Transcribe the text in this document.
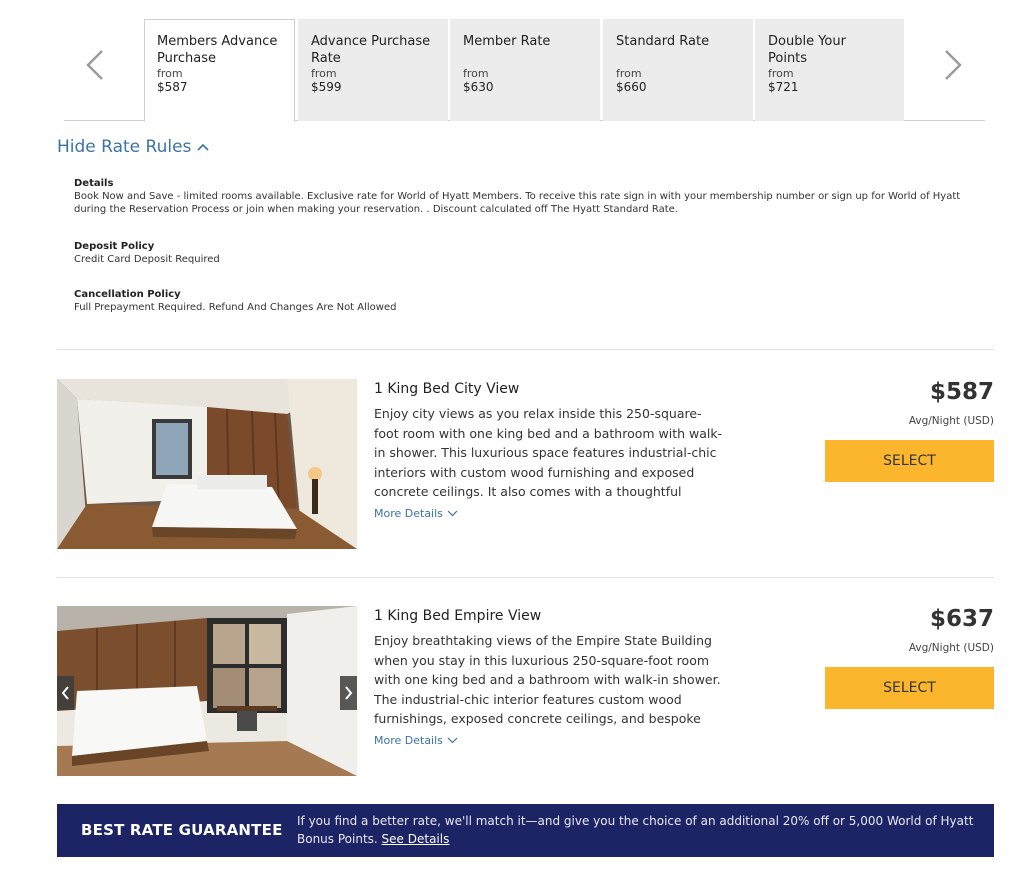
Members Advance Purchase
from
$587
Advance Purchase Rate
from
$599
Member Rate
from
$630
Standard Rate
from
$660
Double Your Points
from
$721
Hide Rate Rules
Details
Book Now and Save - limited rooms available. Exclusive rate for World of Hyatt Members. To receive this rate sign in with your membership number or sign up for World of Hyatt during the Reservation Process or join when making your reservation. . Discount calculated off The Hyatt Standard Rate.
Deposit Policy
Credit Card Deposit Required
Cancellation Policy
Full Prepayment Required. Refund And Changes Are Not Allowed
1 King Bed City View
Enjoy city views as you relax inside this 250-square-foot room with one king bed and a bathroom with walk-in shower. This luxurious space features industrial-chic interiors with custom wood furnishing and exposed concrete ceilings. It also comes with a thoughtful
More Details
$587
Avg/Night (USD)
SELECT
1 King Bed Empire View
Enjoy breathtaking views of the Empire State Building when you stay in this luxurious 250-square-foot room with one king bed and a bathroom with walk-in shower. The industrial-chic interior features custom wood furnishings, exposed concrete ceilings, and bespoke
More Details
$637
Avg/Night (USD)
SELECT
BEST RATE GUARANTEE If you find a better rate, we'll match it—and give you the choice of an additional 20% off or 5,000 World of Hyatt Bonus Points. See Details
